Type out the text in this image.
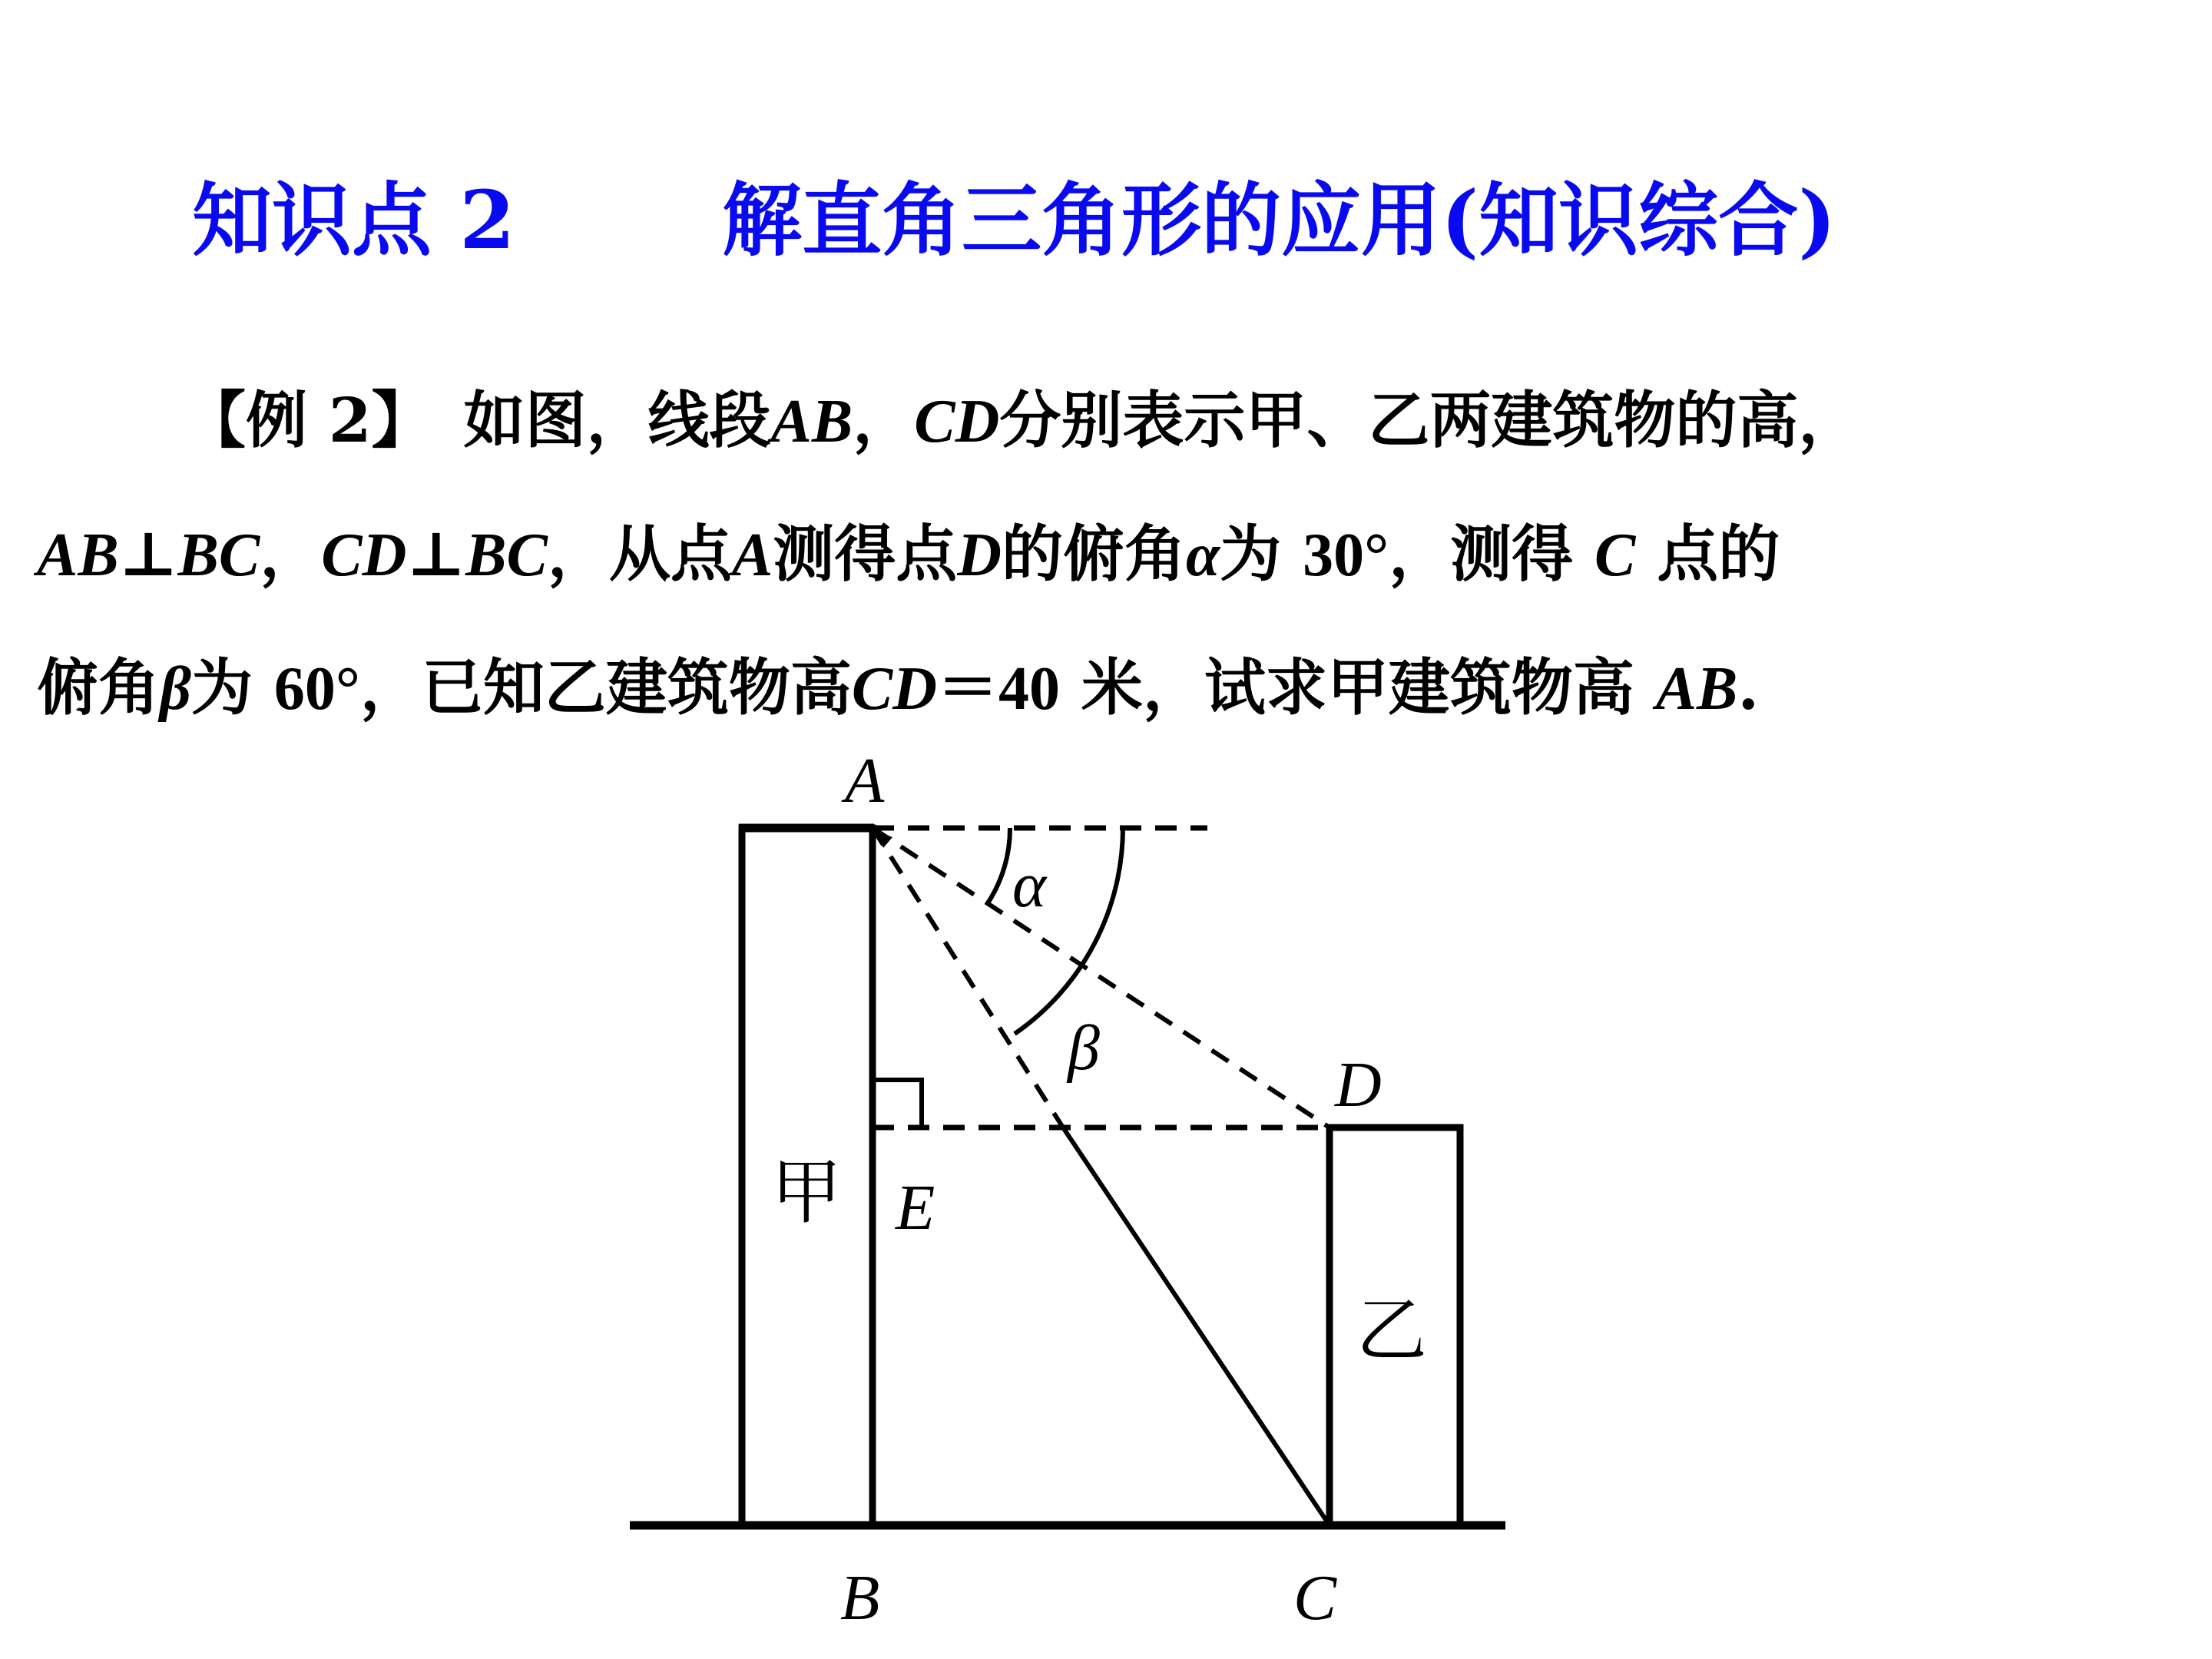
知识点 2	解直角三角形的应用(知识综合)
【例 2】 如图，线段AB，CD分别表示甲、乙两建筑物的高，
AB⊥BC，CD⊥BC，从点A测得点D的俯角α为 30°，测得 C 点的
俯角β为 60°，已知乙建筑物高CD＝40 米，试求甲建筑物高 AB.
A
B	C
D
E
α
β
甲
乙
